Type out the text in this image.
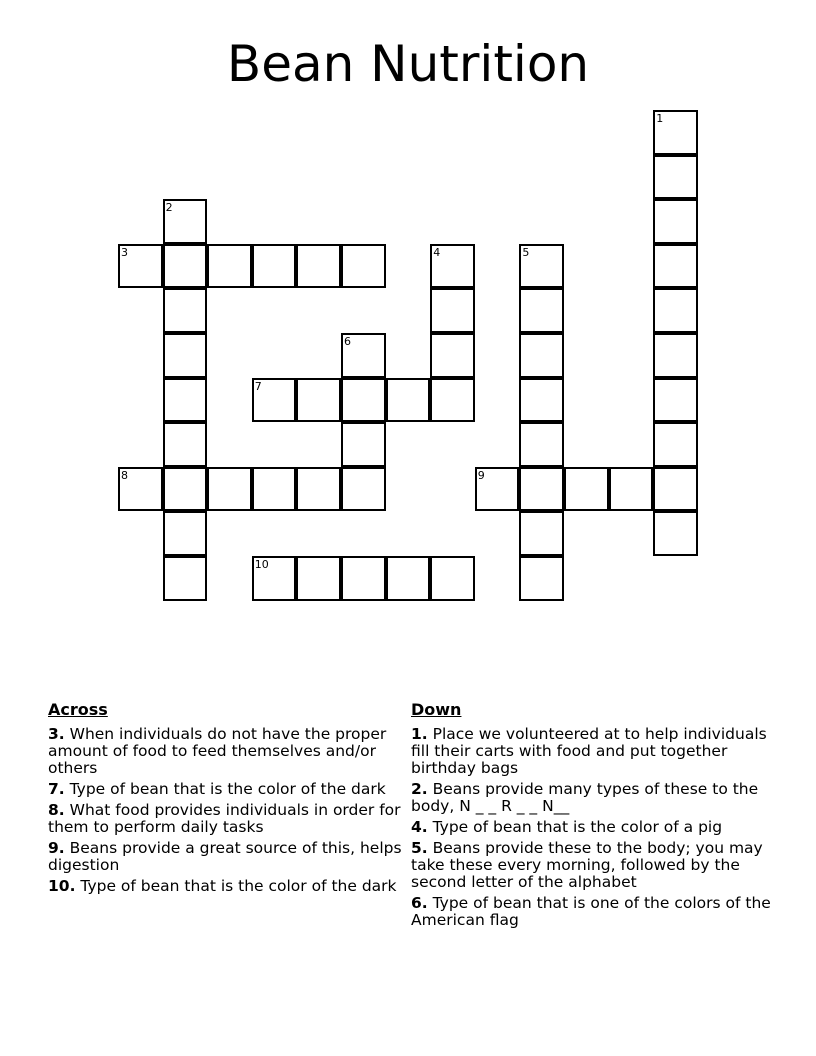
Bean Nutrition
1
2
3	4	5
6
7
8	9
10
Across
3. When individuals do not have the proper amount of food to feed themselves and/or others
7. Type of bean that is the color of the dark
8. What food provides individuals in order for them to perform daily tasks
9. Beans provide a great source of this, helps digestion
10. Type of bean that is the color of the dark
Down
1. Place we volunteered at to help individuals fill their carts with food and put together birthday bags
2. Beans provide many types of these to the body, N _ _ R _ _ N__
4. Type of bean that is the color of a pig
5. Beans provide these to the body; you may take these every morning, followed by the second letter of the alphabet
6. Type of bean that is one of the colors of the American flag
